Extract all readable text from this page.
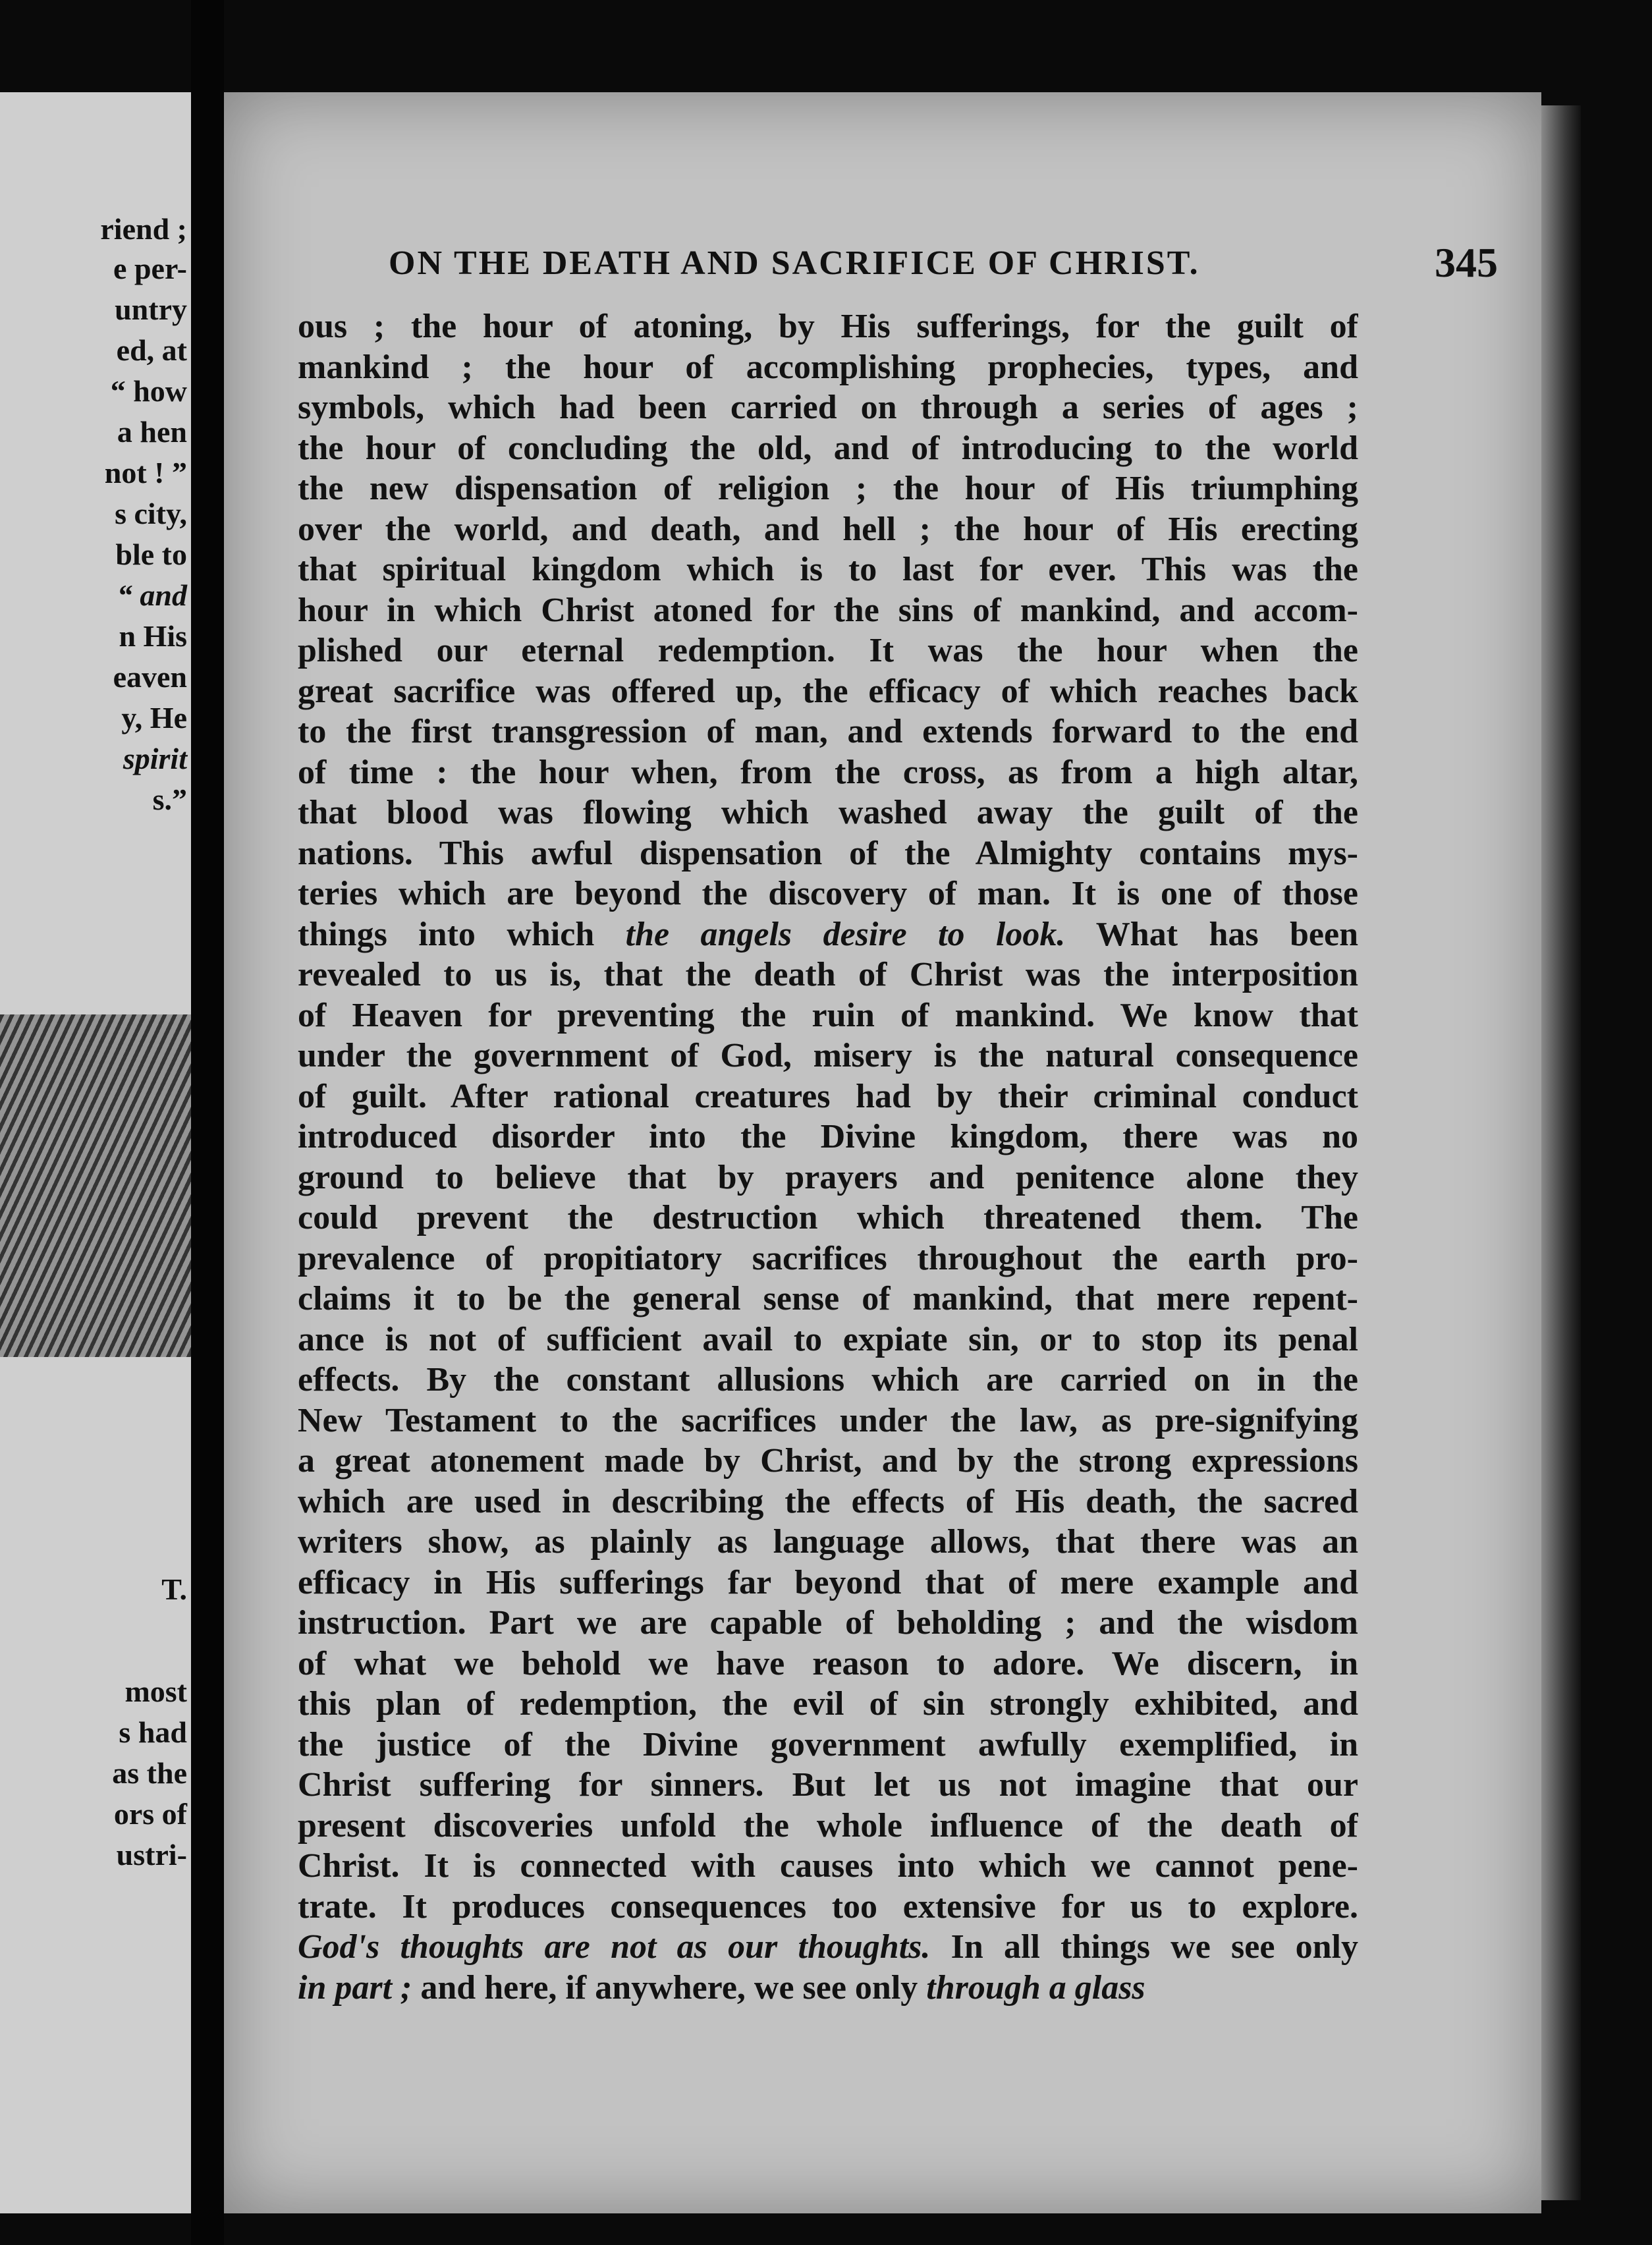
riend ;
e per-
untry
ed, at
“ how
a hen
not ! ”
s city,
ble to
“ and
n His
eaven
y, He
spirit
s.”
T.
most
s had
as the
ors of
ustri-
ON THE DEATH AND SACRIFICE OF CHRIST.	345
ous ; the hour of atoning, by His sufferings, for the guilt of
mankind ; the hour of accomplishing prophecies, types, and
symbols, which had been carried on through a series of ages ;
the hour of concluding the old, and of introducing to the world
the new dispensation of religion ; the hour of His triumphing
over the world, and death, and hell ; the hour of His erecting
that spiritual kingdom which is to last for ever. This was the
hour in which Christ atoned for the sins of mankind, and accom-
plished our eternal redemption. It was the hour when the
great sacrifice was offered up, the efficacy of which reaches back
to the first transgression of man, and extends forward to the end
of time : the hour when, from the cross, as from a high altar,
that blood was flowing which washed away the guilt of the
nations. This awful dispensation of the Almighty contains mys-
teries which are beyond the discovery of man. It is one of those
things into which the angels desire to look. What has been
revealed to us is, that the death of Christ was the interposition
of Heaven for preventing the ruin of mankind. We know that
under the government of God, misery is the natural consequence
of guilt. After rational creatures had by their criminal conduct
introduced disorder into the Divine kingdom, there was no
ground to believe that by prayers and penitence alone they
could prevent the destruction which threatened them. The
prevalence of propitiatory sacrifices throughout the earth pro-
claims it to be the general sense of mankind, that mere repent-
ance is not of sufficient avail to expiate sin, or to stop its penal
effects. By the constant allusions which are carried on in the
New Testament to the sacrifices under the law, as pre-signifying
a great atonement made by Christ, and by the strong expressions
which are used in describing the effects of His death, the sacred
writers show, as plainly as language allows, that there was an
efficacy in His sufferings far beyond that of mere example and
instruction. Part we are capable of beholding ; and the wisdom
of what we behold we have reason to adore. We discern, in
this plan of redemption, the evil of sin strongly exhibited, and
the justice of the Divine government awfully exemplified, in
Christ suffering for sinners. But let us not imagine that our
present discoveries unfold the whole influence of the death of
Christ. It is connected with causes into which we cannot pene-
trate. It produces consequences too extensive for us to explore.
God's thoughts are not as our thoughts. In all things we see only
in part ; and here, if anywhere, we see only through a glass
